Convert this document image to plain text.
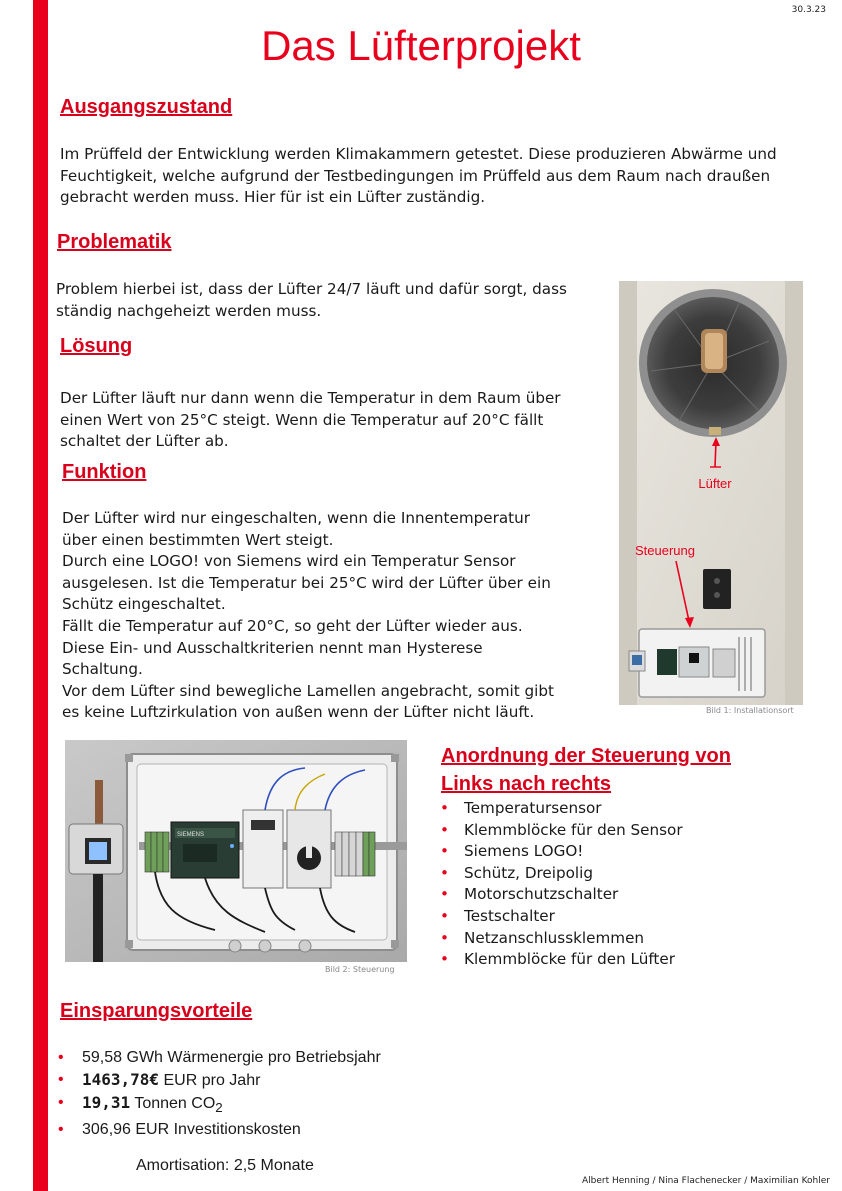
30.3.23
Das Lüfterprojekt
Ausgangszustand
Im Prüffeld der Entwicklung werden Klimakammern getestet. Diese produzieren Abwärme und
Feuchtigkeit, welche aufgrund der Testbedingungen im Prüffeld aus dem Raum nach draußen
gebracht werden muss. Hier für ist ein Lüfter zuständig.
Problematik
Problem hierbei ist, dass der Lüfter 24/7 läuft und dafür sorgt, dass
ständig nachgeheizt werden muss.
Lösung
Der Lüfter läuft nur dann wenn die Temperatur in dem Raum über
einen Wert von 25°C steigt. Wenn die Temperatur auf 20°C fällt
schaltet der Lüfter ab.
Funktion
Der Lüfter wird nur eingeschalten, wenn die Innentemperatur
über einen bestimmten Wert steigt.
Durch eine LOGO! von Siemens wird ein Temperatur Sensor
ausgelesen. Ist die Temperatur bei 25°C wird der Lüfter über ein
Schütz eingeschaltet.
Fällt die Temperatur auf 20°C, so geht der Lüfter wieder aus.
Diese Ein- und Ausschaltkriterien nennt man Hysterese
Schaltung.
Vor dem Lüfter sind bewegliche Lamellen angebracht, somit gibt
es keine Luftzirkulation von außen wenn der Lüfter nicht läuft.
Lüfter
Steuerung
Bild 1: Installationsort
SIEMENS
Bild 2: Steuerung
Anordnung der Steuerung von
Links nach rechts
• Temperatursensor
• Klemmblöcke für den Sensor
• Siemens LOGO!
• Schütz, Dreipolig
• Motorschutzschalter
• Testschalter
• Netzanschlussklemmen
• Klemmblöcke für den Lüfter
Einsparungsvorteile
• 59,58 GWh Wärmenergie pro Betriebsjahr
• 1463,78€ EUR pro Jahr
• 19,31 Tonnen $CO_2$
• 306,96 EUR Investitionskosten
Amortisation: 2,5 Monate
Albert Henning / Nina Flachenecker / Maximilian Kohler
